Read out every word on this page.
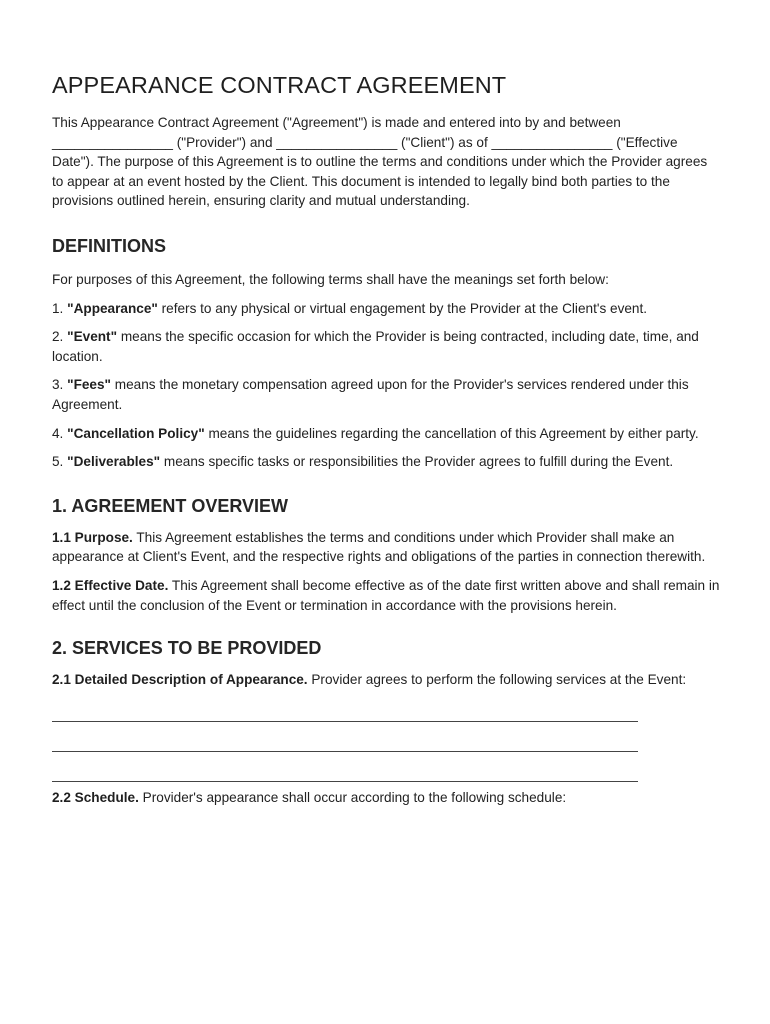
APPEARANCE CONTRACT AGREEMENT

This Appearance Contract Agreement ("Agreement") is made and entered into by and between ________________ ("Provider") and ________________ ("Client") as of ________________ ("Effective Date"). The purpose of this Agreement is to outline the terms and conditions under which the Provider agrees to appear at an event hosted by the Client. This document is intended to legally bind both parties to the provisions outlined herein, ensuring clarity and mutual understanding.

DEFINITIONS

For purposes of this Agreement, the following terms shall have the meanings set forth below:

1. "Appearance" refers to any physical or virtual engagement by the Provider at the Client's event.

2. "Event" means the specific occasion for which the Provider is being contracted, including date, time, and location.

3. "Fees" means the monetary compensation agreed upon for the Provider's services rendered under this Agreement.

4. "Cancellation Policy" means the guidelines regarding the cancellation of this Agreement by either party.

5. "Deliverables" means specific tasks or responsibilities the Provider agrees to fulfill during the Event.

1. AGREEMENT OVERVIEW

1.1 Purpose. This Agreement establishes the terms and conditions under which Provider shall make an appearance at Client's Event, and the respective rights and obligations of the parties in connection therewith.

1.2 Effective Date. This Agreement shall become effective as of the date first written above and shall remain in effect until the conclusion of the Event or termination in accordance with the provisions herein.

2. SERVICES TO BE PROVIDED

2.1 Detailed Description of Appearance. Provider agrees to perform the following services at the Event:

2.2 Schedule. Provider's appearance shall occur according to the following schedule:
